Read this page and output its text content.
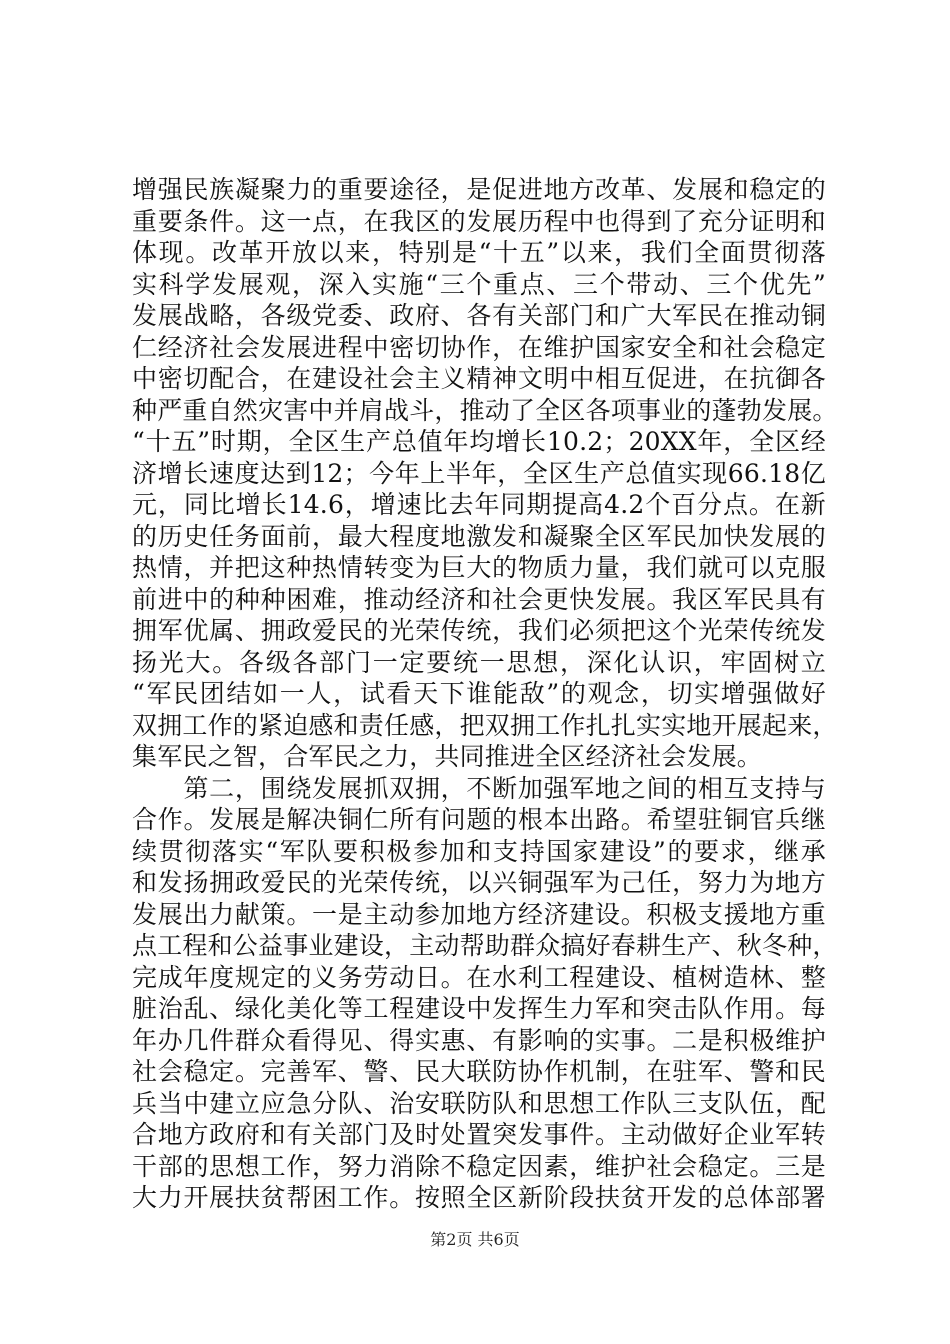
增强民族凝聚力的重要途径，是促进地方改革、发展和稳定的
重要条件。这一点，在我区的发展历程中也得到了充分证明和
体现。改革开放以来，特别是“十五”以来，我们全面贯彻落
实科学发展观，深入实施“三个重点、三个带动、三个优先”
发展战略，各级党委、政府、各有关部门和广大军民在推动铜
仁经济社会发展进程中密切协作，在维护国家安全和社会稳定
中密切配合，在建设社会主义精神文明中相互促进，在抗御各
种严重自然灾害中并肩战斗，推动了全区各项事业的蓬勃发展。
“十五”时期，全区生产总值年均增长10.2；20XX年，全区经
济增长速度达到12；今年上半年，全区生产总值实现66.18亿
元，同比增长14.6，增速比去年同期提高4.2个百分点。在新
的历史任务面前，最大程度地激发和凝聚全区军民加快发展的
热情，并把这种热情转变为巨大的物质力量，我们就可以克服
前进中的种种困难，推动经济和社会更快发展。我区军民具有
拥军优属、拥政爱民的光荣传统，我们必须把这个光荣传统发
扬光大。各级各部门一定要统一思想，深化认识，牢固树立
“军民团结如一人，试看天下谁能敌”的观念，切实增强做好
双拥工作的紧迫感和责任感，把双拥工作扎扎实实地开展起来，
集军民之智，合军民之力，共同推进全区经济社会发展。
　　第二，围绕发展抓双拥，不断加强军地之间的相互支持与
合作。发展是解决铜仁所有问题的根本出路。希望驻铜官兵继
续贯彻落实“军队要积极参加和支持国家建设”的要求，继承
和发扬拥政爱民的光荣传统，以兴铜强军为己任，努力为地方
发展出力献策。一是主动参加地方经济建设。积极支援地方重
点工程和公益事业建设，主动帮助群众搞好春耕生产、秋冬种，
完成年度规定的义务劳动日。在水利工程建设、植树造林、整
脏治乱、绿化美化等工程建设中发挥生力军和突击队作用。每
年办几件群众看得见、得实惠、有影响的实事。二是积极维护
社会稳定。完善军、警、民大联防协作机制，在驻军、警和民
兵当中建立应急分队、治安联防队和思想工作队三支队伍，配
合地方政府和有关部门及时处置突发事件。主动做好企业军转
干部的思想工作，努力消除不稳定因素，维护社会稳定。三是
大力开展扶贫帮困工作。按照全区新阶段扶贫开发的总体部署
第2页 共6页
